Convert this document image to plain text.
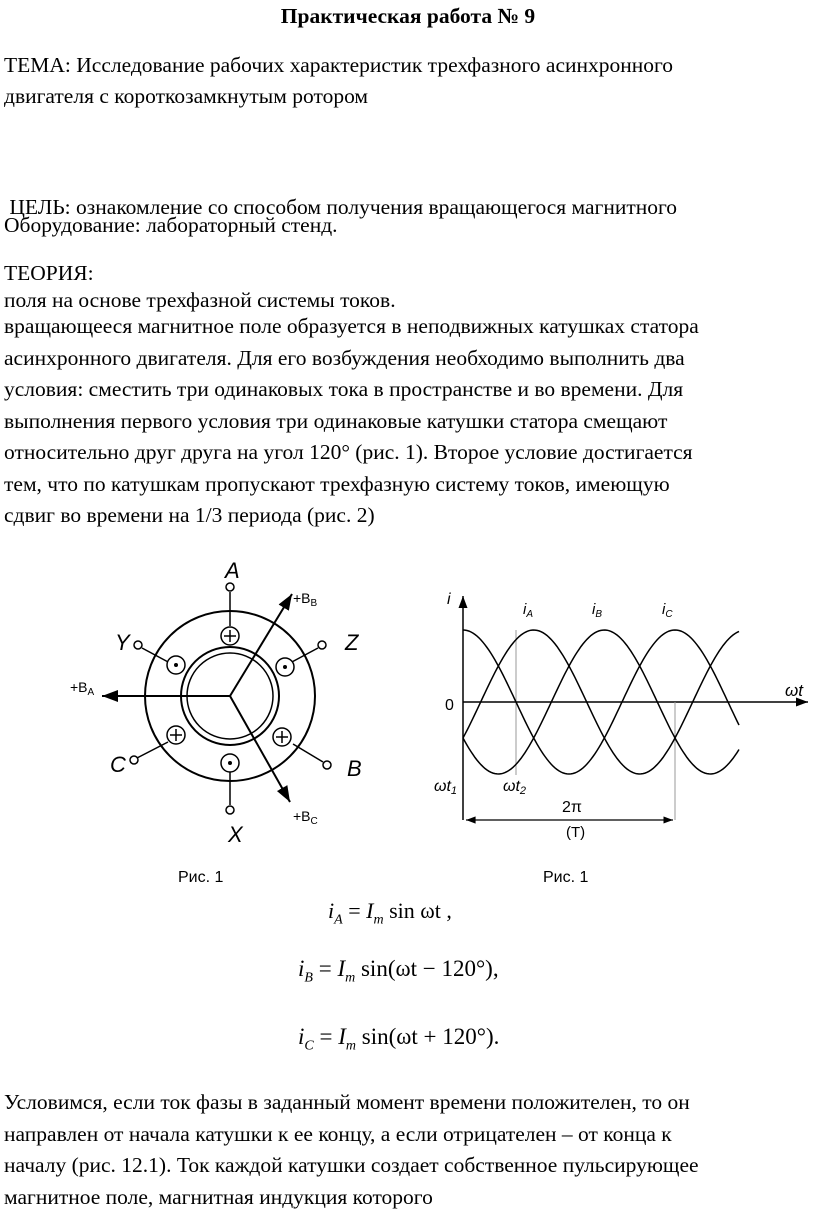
Практическая работа № 9
ТЕМА: Исследование рабочих характеристик трехфазного асинхронного
двигателя с короткозамкнутым ротором

ЦЕЛЬ: ознакомление со способом получения вращающегося магнитного

поля на основе трехфазной системы токов.

Оборудование: лабораторный стенд.
ТЕОРИЯ:
вращающееся магнитное поле образуется в неподвижных катушках статора
асинхронного двигателя. Для его возбуждения необходимо выполнить два
условия: сместить три одинаковых тока в пространстве и во времени. Для
выполнения первого условия три одинаковые катушки статора смещают
относительно друг друга на угол 120° (рис. 1). Второе условие достигается
тем, что по катушкам пропускают трехфазную систему токов, имеющую
сдвиг во времени на 1/3 периода (рис. 2)
A
X
Y	Z
C	B
$+B_B$
$+B_A$
$+B_C$
Рис. 1
i
$i_A$	$i_B$	$i_C$
0
ωt
ωt1	ωt2
2π
(T)
Рис. 1
$i_A = I_m$ sin ωt ,
$i_B = I_m$ sin(ωt − 120°),
$i_C = I_m$ sin(ωt + 120°).
Условимся, если ток фазы в заданный момент времени положителен, то он
направлен от начала катушки к ее концу, а если отрицателен – от конца к
началу (рис. 12.1). Ток каждой катушки создает собственное пульсирующее
магнитное поле, магнитная индукция которого
